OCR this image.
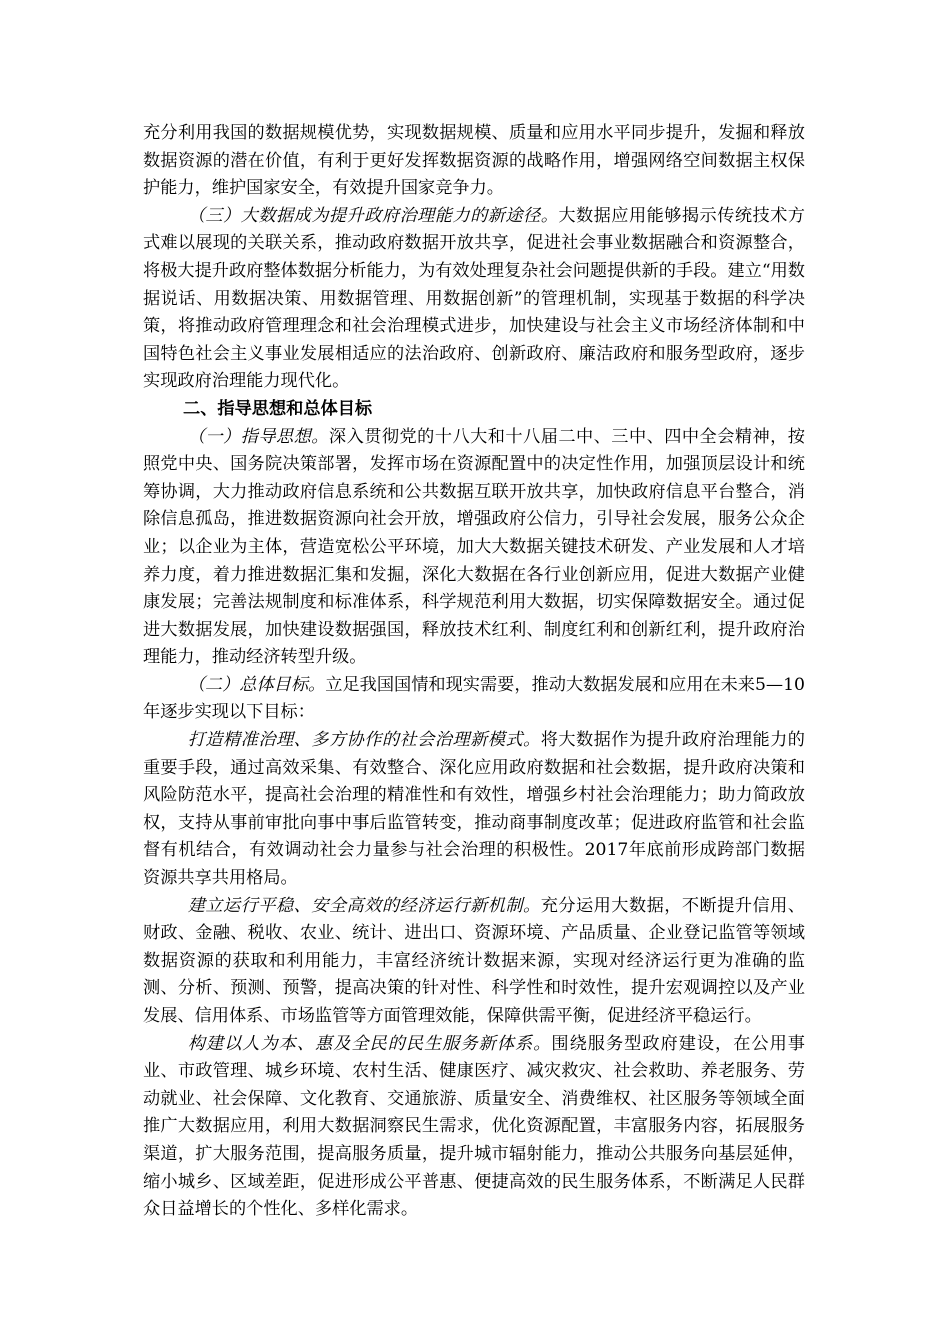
充分利用我国的数据规模优势，实现数据规模、质量和应用水平同步提升，发掘和释放数据资源的潜在价值，有利于更好发挥数据资源的战略作用，增强网络空间数据主权保护能力，维护国家安全，有效提升国家竞争力。

（三）大数据成为提升政府治理能力的新途径。大数据应用能够揭示传统技术方式难以展现的关联关系，推动政府数据开放共享，促进社会事业数据融合和资源整合，将极大提升政府整体数据分析能力，为有效处理复杂社会问题提供新的手段。建立“用数据说话、用数据决策、用数据管理、用数据创新”的管理机制，实现基于数据的科学决策，将推动政府管理理念和社会治理模式进步，加快建设与社会主义市场经济体制和中国特色社会主义事业发展相适应的法治政府、创新政府、廉洁政府和服务型政府，逐步实现政府治理能力现代化。

二、指导思想和总体目标

（一）指导思想。深入贯彻党的十八大和十八届二中、三中、四中全会精神，按照党中央、国务院决策部署，发挥市场在资源配置中的决定性作用，加强顶层设计和统筹协调，大力推动政府信息系统和公共数据互联开放共享，加快政府信息平台整合，消除信息孤岛，推进数据资源向社会开放，增强政府公信力，引导社会发展，服务公众企业；以企业为主体，营造宽松公平环境，加大大数据关键技术研发、产业发展和人才培养力度，着力推进数据汇集和发掘，深化大数据在各行业创新应用，促进大数据产业健康发展；完善法规制度和标准体系，科学规范利用大数据，切实保障数据安全。通过促进大数据发展，加快建设数据强国，释放技术红利、制度红利和创新红利，提升政府治理能力，推动经济转型升级。

（二）总体目标。立足我国国情和现实需要，推动大数据发展和应用在未来5—10年逐步实现以下目标：

打造精准治理、多方协作的社会治理新模式。将大数据作为提升政府治理能力的重要手段，通过高效采集、有效整合、深化应用政府数据和社会数据，提升政府决策和风险防范水平，提高社会治理的精准性和有效性，增强乡村社会治理能力；助力简政放权，支持从事前审批向事中事后监管转变，推动商事制度改革；促进政府监管和社会监督有机结合，有效调动社会力量参与社会治理的积极性。2017年底前形成跨部门数据资源共享共用格局。

建立运行平稳、安全高效的经济运行新机制。充分运用大数据，不断提升信用、财政、金融、税收、农业、统计、进出口、资源环境、产品质量、企业登记监管等领域数据资源的获取和利用能力，丰富经济统计数据来源，实现对经济运行更为准确的监测、分析、预测、预警，提高决策的针对性、科学性和时效性，提升宏观调控以及产业发展、信用体系、市场监管等方面管理效能，保障供需平衡，促进经济平稳运行。

构建以人为本、惠及全民的民生服务新体系。围绕服务型政府建设，在公用事业、市政管理、城乡环境、农村生活、健康医疗、减灾救灾、社会救助、养老服务、劳动就业、社会保障、文化教育、交通旅游、质量安全、消费维权、社区服务等领域全面推广大数据应用，利用大数据洞察民生需求，优化资源配置，丰富服务内容，拓展服务渠道，扩大服务范围，提高服务质量，提升城市辐射能力，推动公共服务向基层延伸，缩小城乡、区域差距，促进形成公平普惠、便捷高效的民生服务体系，不断满足人民群众日益增长的个性化、多样化需求。
